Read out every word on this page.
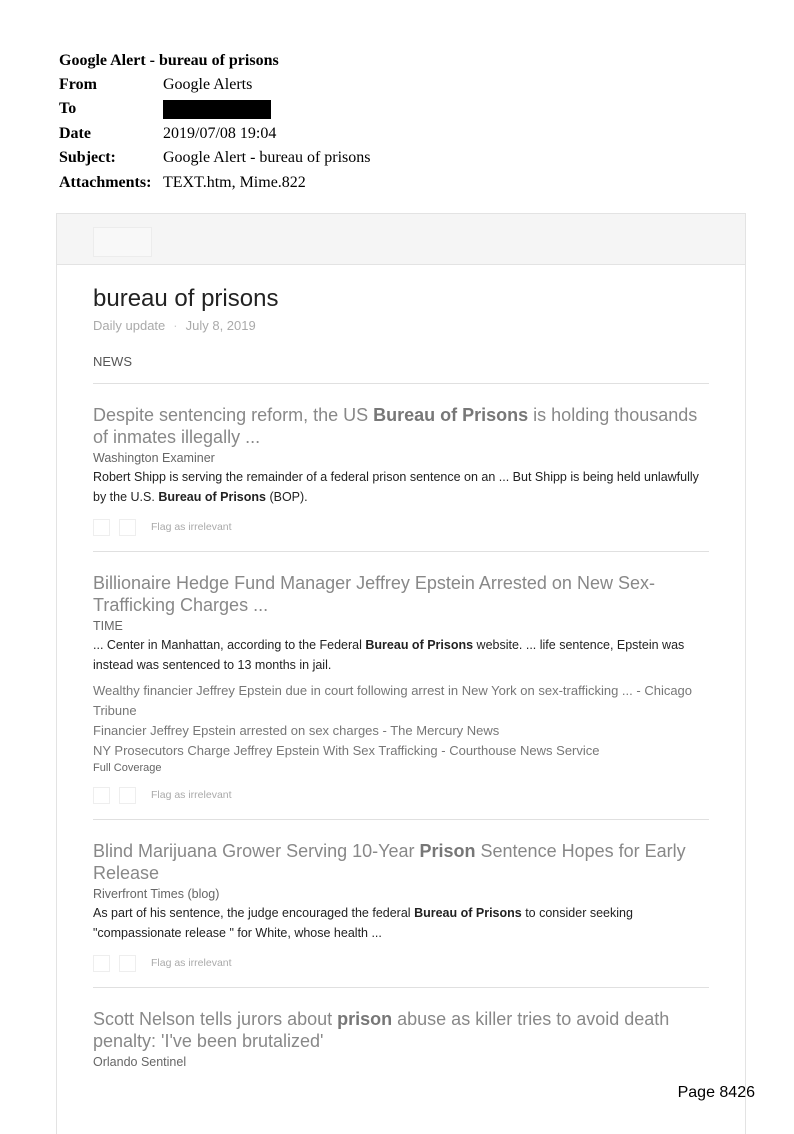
Google Alert - bureau of prisons
From	Google Alerts
To
Date	2019/07/08 19:04
Subject:	Google Alert - bureau of prisons
Attachments: TEXT.htm, Mime.822
bureau of prisons
Daily update · July 8, 2019
NEWS
Despite sentencing reform, the US Bureau of Prisons is holding thousands of inmates illegally ...
Washington Examiner
Robert Shipp is serving the remainder of a federal prison sentence on an ... But Shipp is being held unlawfully by the U.S. Bureau of Prisons (BOP).
Flag as irrelevant
Billionaire Hedge Fund Manager Jeffrey Epstein Arrested on New Sex-Trafficking Charges ...
TIME
... Center in Manhattan, according to the Federal Bureau of Prisons website. ... life sentence, Epstein was instead was sentenced to 13 months in jail.
Wealthy financier Jeffrey Epstein due in court following arrest in New York on sex-trafficking ... - Chicago Tribune
Financier Jeffrey Epstein arrested on sex charges - The Mercury News
NY Prosecutors Charge Jeffrey Epstein With Sex Trafficking - Courthouse News Service
Full Coverage
Flag as irrelevant
Blind Marijuana Grower Serving 10-Year Prison Sentence Hopes for Early Release
Riverfront Times (blog)
As part of his sentence, the judge encouraged the federal Bureau of Prisons to consider seeking "compassionate release " for White, whose health ...
Flag as irrelevant
Scott Nelson tells jurors about prison abuse as killer tries to avoid death penalty: 'I've been brutalized'
Orlando Sentinel
Page 8426
